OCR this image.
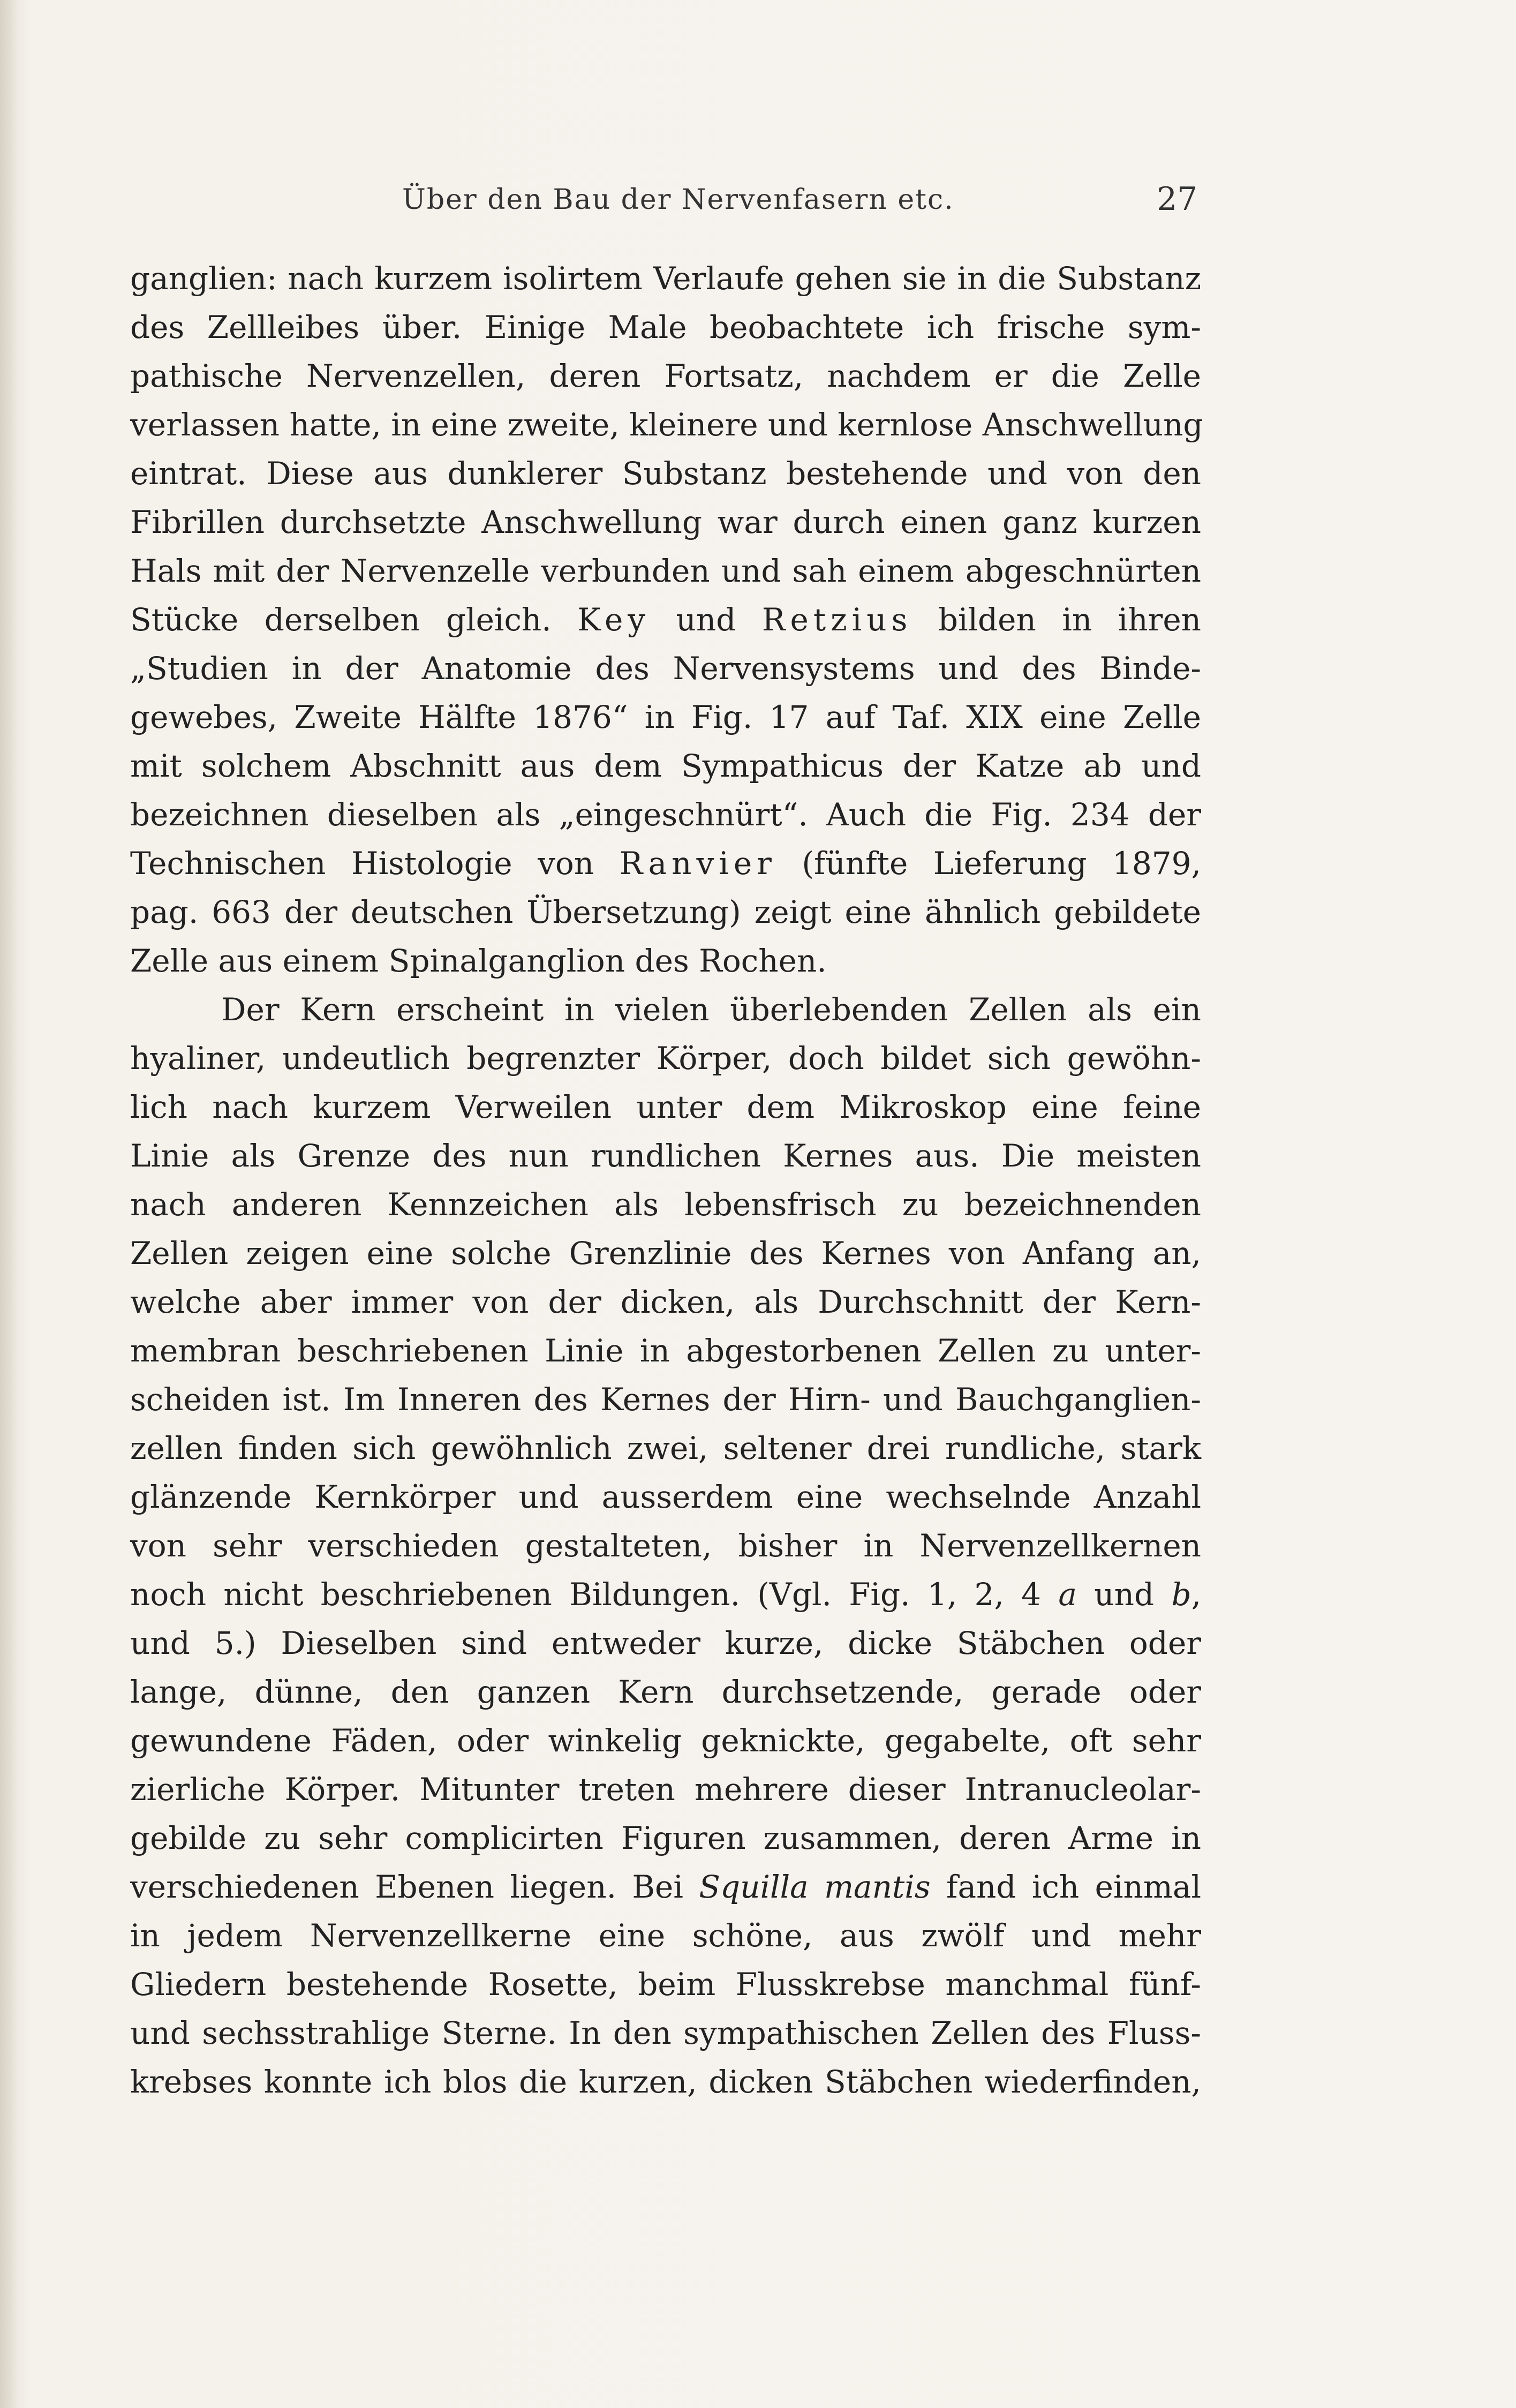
Über den Bau der Nervenfasern etc.	27
ganglien: nach kurzem isolirtem Verlaufe gehen sie in die Substanz
des Zellleibes über. Einige Male beobachtete ich frische sym-
pathische Nervenzellen, deren Fortsatz, nachdem er die Zelle
verlassen hatte, in eine zweite, kleinere und kernlose Anschwellung
eintrat. Diese aus dunklerer Substanz bestehende und von den
Fibrillen durchsetzte Anschwellung war durch einen ganz kurzen
Hals mit der Nervenzelle verbunden und sah einem abgeschnürten
Stücke derselben gleich. Key und Retzius bilden in ihren
„Studien in der Anatomie des Nervensystems und des Binde-
gewebes, Zweite Hälfte 1876“ in Fig. 17 auf Taf. XIX eine Zelle
mit solchem Abschnitt aus dem Sympathicus der Katze ab und
bezeichnen dieselben als „eingeschnürt“. Auch die Fig. 234 der
Technischen Histologie von Ranvier (fünfte Lieferung 1879,
pag. 663 der deutschen Übersetzung) zeigt eine ähnlich gebildete
Zelle aus einem Spinalganglion des Rochen.
Der Kern erscheint in vielen überlebenden Zellen als ein
hyaliner, undeutlich begrenzter Körper, doch bildet sich gewöhn-
lich nach kurzem Verweilen unter dem Mikroskop eine feine
Linie als Grenze des nun rundlichen Kernes aus. Die meisten
nach anderen Kennzeichen als lebensfrisch zu bezeichnenden
Zellen zeigen eine solche Grenzlinie des Kernes von Anfang an,
welche aber immer von der dicken, als Durchschnitt der Kern-
membran beschriebenen Linie in abgestorbenen Zellen zu unter-
scheiden ist. Im Inneren des Kernes der Hirn- und Bauchganglien-
zellen finden sich gewöhnlich zwei, seltener drei rundliche, stark
glänzende Kernkörper und ausserdem eine wechselnde Anzahl
von sehr verschieden gestalteten, bisher in Nervenzellkernen
noch nicht beschriebenen Bildungen. (Vgl. Fig. 1, 2, 4 a und b,
und 5.) Dieselben sind entweder kurze, dicke Stäbchen oder
lange, dünne, den ganzen Kern durchsetzende, gerade oder
gewundene Fäden, oder winkelig geknickte, gegabelte, oft sehr
zierliche Körper. Mitunter treten mehrere dieser Intranucleolar-
gebilde zu sehr complicirten Figuren zusammen, deren Arme in
verschiedenen Ebenen liegen. Bei Squilla mantis fand ich einmal
in jedem Nervenzellkerne eine schöne, aus zwölf und mehr
Gliedern bestehende Rosette, beim Flusskrebse manchmal fünf-
und sechsstrahlige Sterne. In den sympathischen Zellen des Fluss-
krebses konnte ich blos die kurzen, dicken Stäbchen wiederfinden,
